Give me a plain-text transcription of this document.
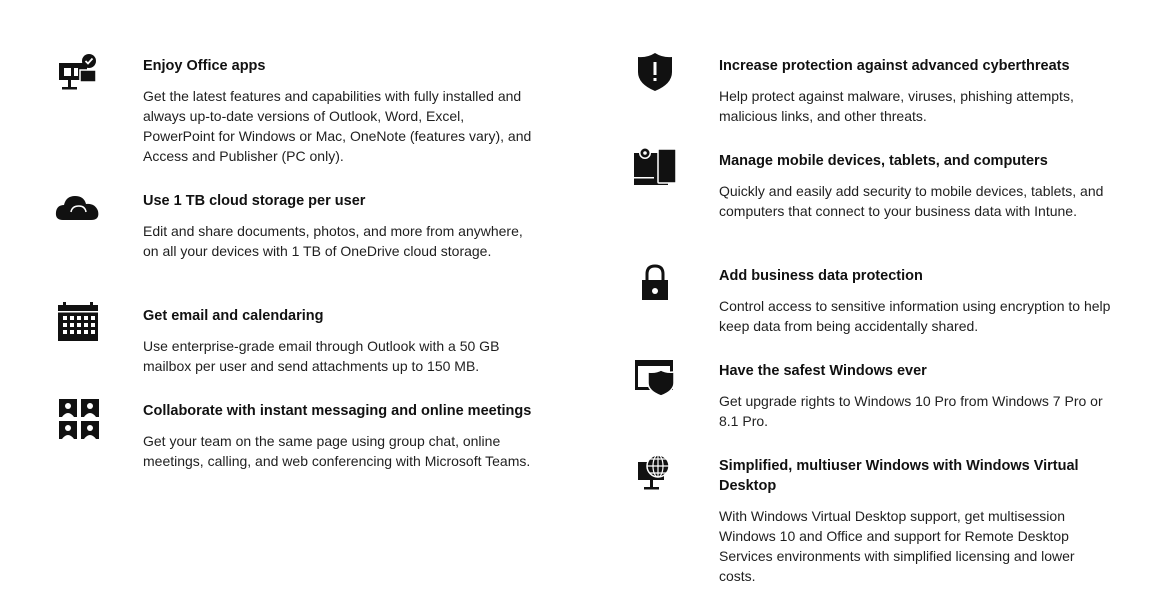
Enjoy Office apps
Get the latest features and capabilities with fully installed and always up-to-date versions of Outlook, Word, Excel, PowerPoint for Windows or Mac, OneNote (features vary), and Access and Publisher (PC only).
Use 1 TB cloud storage per user
Edit and share documents, photos, and more from anywhere, on all your devices with 1 TB of OneDrive cloud storage.
Get email and calendaring
Use enterprise-grade email through Outlook with a 50 GB mailbox per user and send attachments up to 150 MB.
Collaborate with instant messaging and online meetings
Get your team on the same page using group chat, online meetings, calling, and web conferencing with Microsoft Teams.
Increase protection against advanced cyberthreats
Help protect against malware, viruses, phishing attempts, malicious links, and other threats.
Manage mobile devices, tablets, and computers
Quickly and easily add security to mobile devices, tablets, and computers that connect to your business data with Intune.
Add business data protection
Control access to sensitive information using encryption to help keep data from being accidentally shared.
Have the safest Windows ever
Get upgrade rights to Windows 10 Pro from Windows 7 Pro or 8.1 Pro.
Simplified, multiuser Windows with Windows Virtual Desktop
With Windows Virtual Desktop support, get multisession Windows 10 and Office and support for Remote Desktop Services environments with simplified licensing and lower costs.
